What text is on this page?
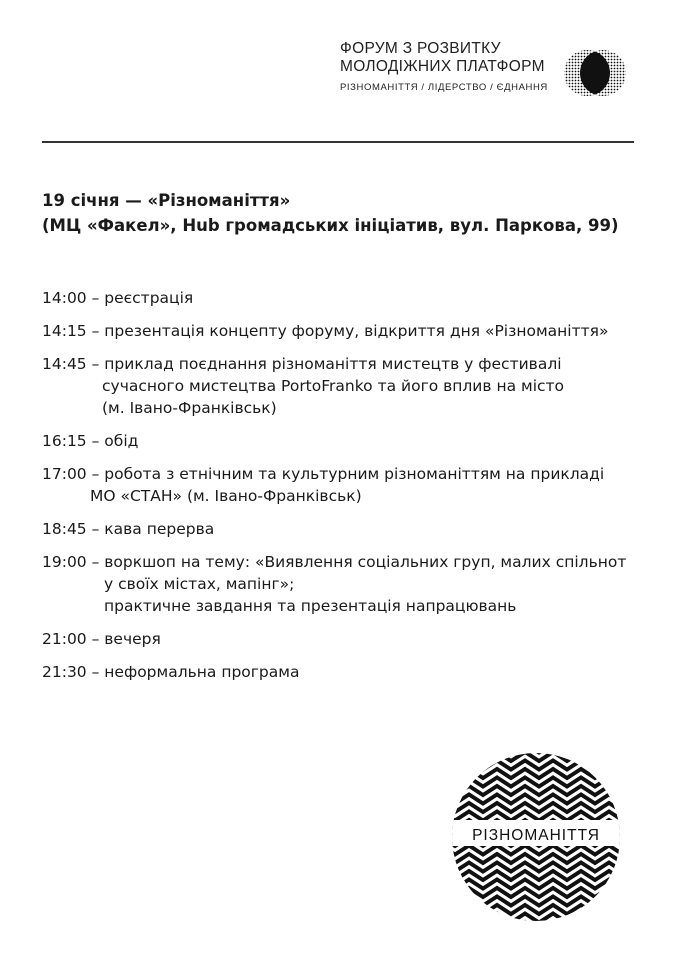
ФОРУМ З РОЗВИТКУ
МОЛОДІЖНИХ ПЛАТФОРМ
РІЗНОМАНІТТЯ / ЛІДЕРСТВО / ЄДНАННЯ
19 січня — «Різноманіття»
(МЦ «Факел», Hub громадських ініціатив, вул. Паркова, 99)
14:00 – реєстрація
14:15 – презентація концепту форуму, відкриття дня «Різноманіття»
14:45 – приклад поєднання різноманіття мистецтв у фестивалі
сучасного мистецтва PortoFranko та його вплив на місто
(м. Івано-Франківськ)
16:15 – обід
17:00 – робота з етнічним та культурним різноманіттям на прикладі
МО «СТАН» (м. Івано-Франківськ)
18:45 – кава перерва
19:00 – воркшоп на тему: «Виявлення соціальних груп, малих спільнот
у своїх містах, мапінг»;
практичне завдання та презентація напрацювань
21:00 – вечеря
21:30 – неформальна програма
РІЗНОМАНІТТЯ
